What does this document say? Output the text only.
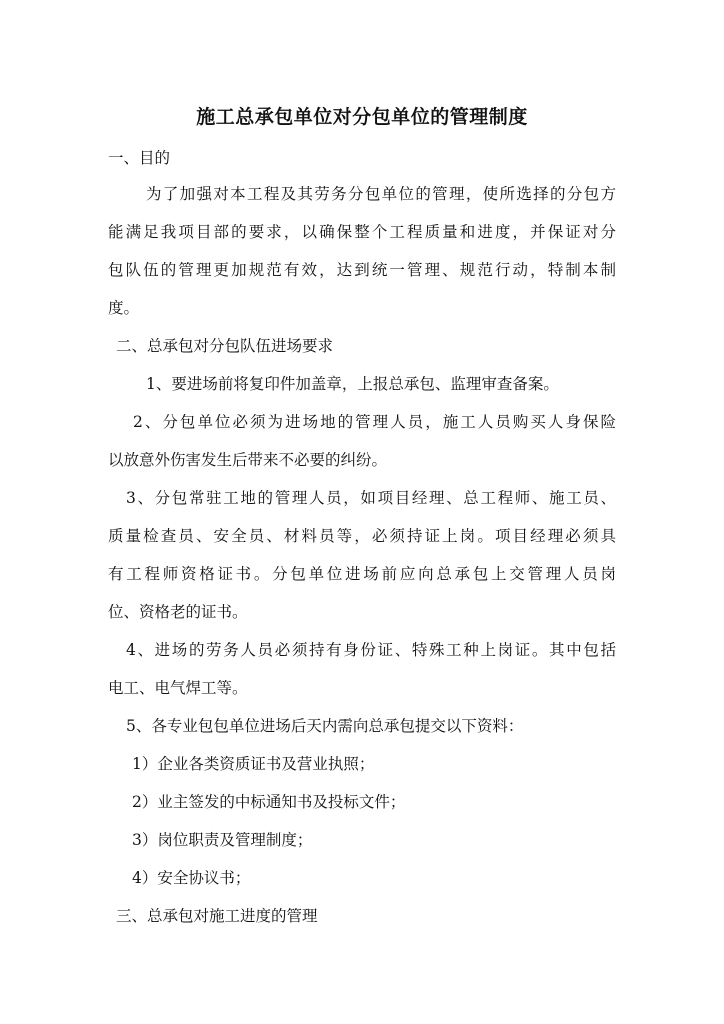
施工总承包单位对分包单位的管理制度
一、目的
为了加强对本工程及其劳务分包单位的管理，使所选择的分包方
能满足我项目部的要求，以确保整个工程质量和进度，并保证对分
包队伍的管理更加规范有效，达到统一管理、规范行动，特制本制
度。
二、总承包对分包队伍进场要求
1、要进场前将复印件加盖章，上报总承包、监理审查备案。
2、分包单位必须为进场地的管理人员，施工人员购买人身保险
以放意外伤害发生后带来不必要的纠纷。
3、分包常驻工地的管理人员，如项目经理、总工程师、施工员、
质量检查员、安全员、材料员等，必须持证上岗。项目经理必须具
有工程师资格证书。分包单位进场前应向总承包上交管理人员岗
位、资格老的证书。
4、进场的劳务人员必须持有身份证、特殊工种上岗证。其中包括
电工、电气焊工等。
5、各专业包包单位进场后天内需向总承包提交以下资料：
1）企业各类资质证书及营业执照；
2）业主签发的中标通知书及投标文件；
3）岗位职责及管理制度；
4）安全协议书；
三、总承包对施工进度的管理
